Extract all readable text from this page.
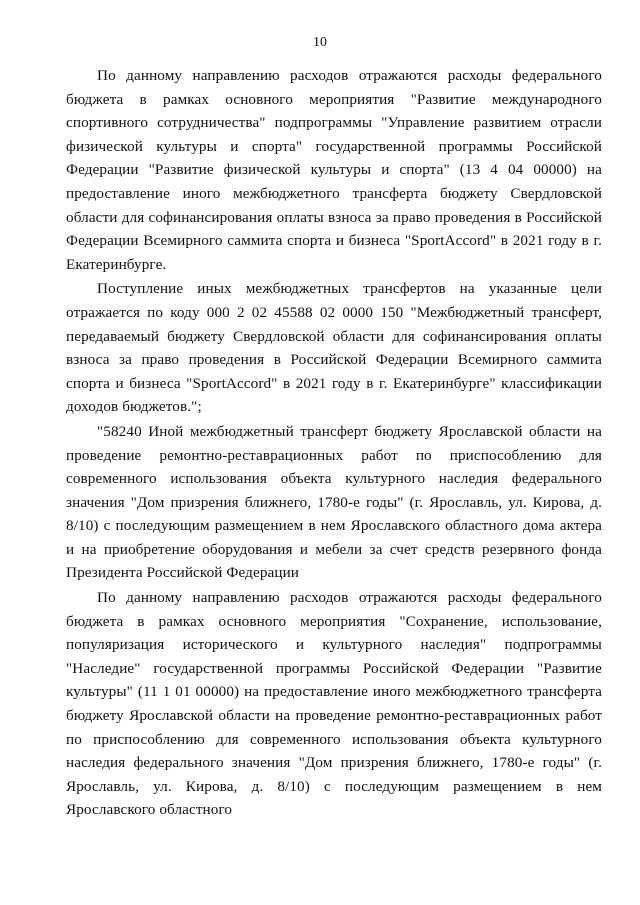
10

По данному направлению расходов отражаются расходы федерального бюджета в рамках основного мероприятия "Развитие международного спортивного сотрудничества" подпрограммы "Управление развитием отрасли физической культуры и спорта" государственной программы Российской Федерации "Развитие физической культуры и спорта" (13 4 04 00000) на предоставление иного межбюджетного трансферта бюджету Свердловской области для софинансирования оплаты взноса за право проведения в Российской Федерации Всемирного саммита спорта и бизнеса "SportAccord" в 2021 году в г. Екатеринбурге.

Поступление иных межбюджетных трансфертов на указанные цели отражается по коду 000 2 02 45588 02 0000 150 "Межбюджетный трансферт, передаваемый бюджету Свердловской области для софинансирования оплаты взноса за право проведения в Российской Федерации Всемирного саммита спорта и бизнеса "SportAccord" в 2021 году в г. Екатеринбурге" классификации доходов бюджетов.";

"58240 Иной межбюджетный трансферт бюджету Ярославской области на проведение ремонтно-реставрационных работ по приспособлению для современного использования объекта культурного наследия федерального значения "Дом призрения ближнего, 1780-е годы" (г. Ярославль, ул. Кирова, д. 8/10) с последующим размещением в нем Ярославского областного дома актера и на приобретение оборудования и мебели за счет средств резервного фонда Президента Российской Федерации

По данному направлению расходов отражаются расходы федерального бюджета в рамках основного мероприятия "Сохранение, использование, популяризация исторического и культурного наследия" подпрограммы "Наследие" государственной программы Российской Федерации "Развитие культуры" (11 1 01 00000) на предоставление иного межбюджетного трансферта бюджету Ярославской области на проведение ремонтно-реставрационных работ по приспособлению для современного использования объекта культурного наследия федерального значения "Дом призрения ближнего, 1780-е годы" (г. Ярославль, ул. Кирова, д. 8/10) с последующим размещением в нем Ярославского областного
